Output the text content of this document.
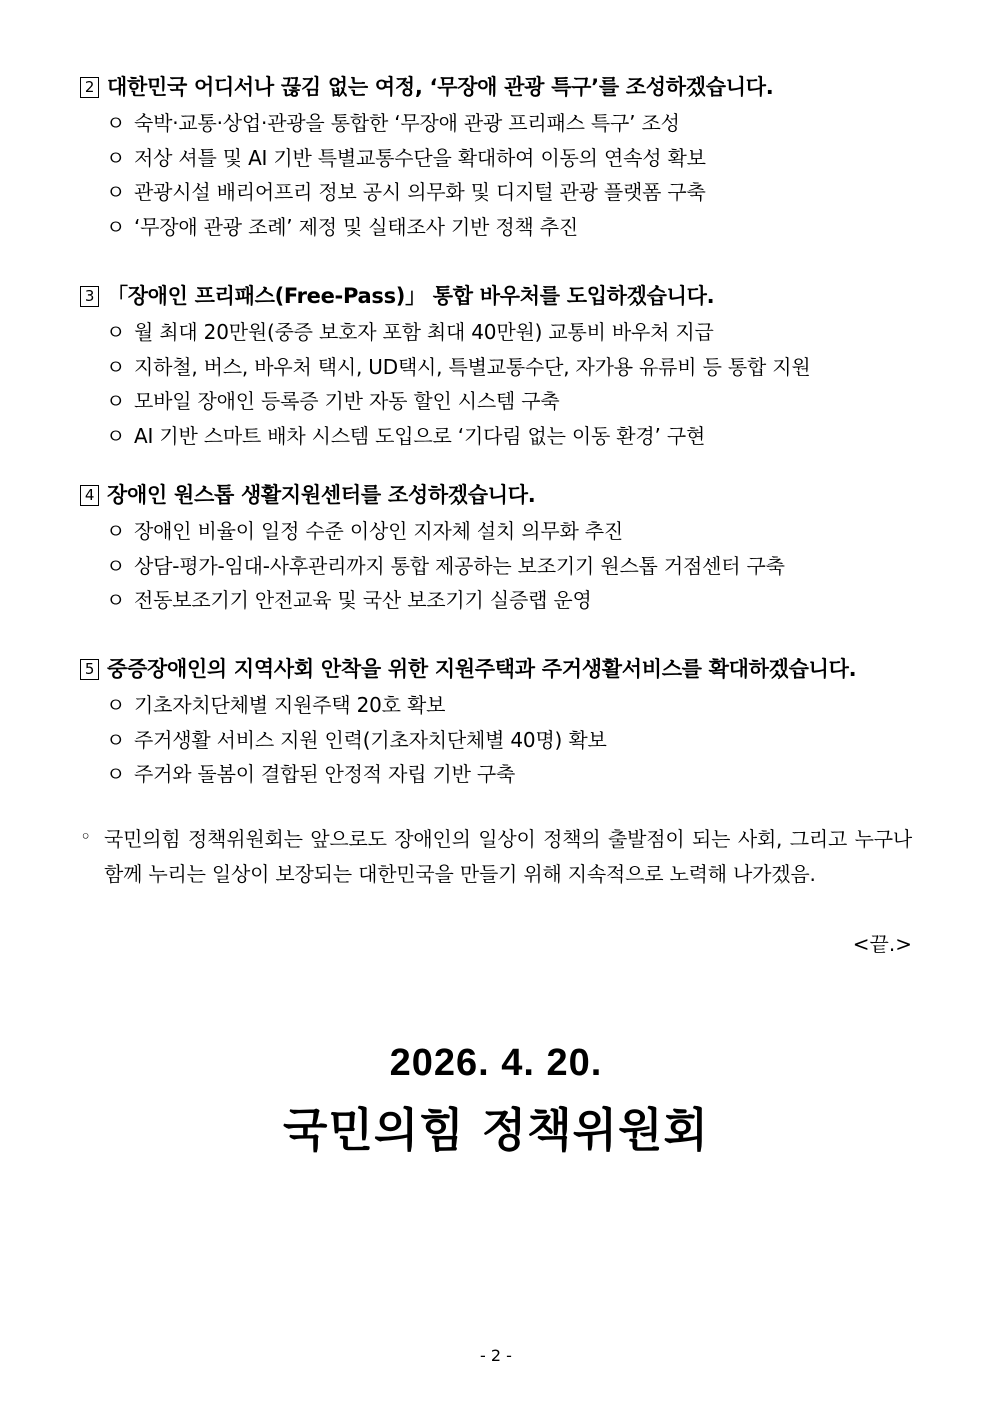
2 대한민국 어디서나 끊김 없는 여정, ‘무장애 관광 특구’를 조성하겠습니다.
ㅇ 숙박·교통·상업·관광을 통합한 ‘무장애 관광 프리패스 특구’ 조성
ㅇ 저상 셔틀 및 AI 기반 특별교통수단을 확대하여 이동의 연속성 확보
ㅇ 관광시설 배리어프리 정보 공시 의무화 및 디지털 관광 플랫폼 구축
ㅇ ‘무장애 관광 조례’ 제정 및 실태조사 기반 정책 추진
3 「장애인 프리패스(Free-Pass)」 통합 바우처를 도입하겠습니다.
ㅇ 월 최대 20만원(중증 보호자 포함 최대 40만원) 교통비 바우처 지급
ㅇ 지하철, 버스, 바우처 택시, UD택시, 특별교통수단, 자가용 유류비 등 통합 지원
ㅇ 모바일 장애인 등록증 기반 자동 할인 시스템 구축
ㅇ AI 기반 스마트 배차 시스템 도입으로 ‘기다림 없는 이동 환경’ 구현
4 장애인 원스톱 생활지원센터를 조성하겠습니다.
ㅇ 장애인 비율이 일정 수준 이상인 지자체 설치 의무화 추진
ㅇ 상담-평가-임대-사후관리까지 통합 제공하는 보조기기 원스톱 거점센터 구축
ㅇ 전동보조기기 안전교육 및 국산 보조기기 실증랩 운영
5 중증장애인의 지역사회 안착을 위한 지원주택과 주거생활서비스를 확대하겠습니다.
ㅇ 기초자치단체별 지원주택 20호 확보
ㅇ 주거생활 서비스 지원 인력(기초자치단체별 40명) 확보
ㅇ 주거와 돌봄이 결합된 안정적 자립 기반 구축
◦ 국민의힘 정책위원회는 앞으로도 장애인의 일상이 정책의 출발점이 되는 사회, 그리고 누구나 함께 누리는 일상이 보장되는 대한민국을 만들기 위해 지속적으로 노력해 나가겠음.
<끝.>
2026. 4. 20.
국민의힘 정책위원회
- 2 -
